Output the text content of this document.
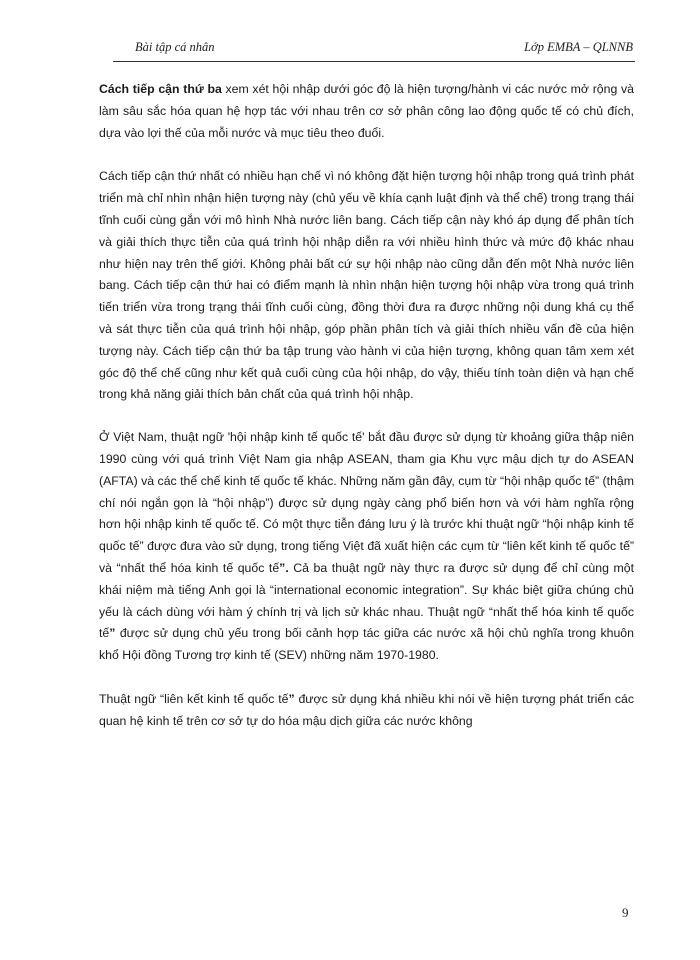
Bài tập cá nhân	Lớp EMBA – QLNNB

Cách tiếp cận thứ ba xem xét hội nhập dưới góc độ là hiện tượng/hành vi các nước mở rộng và làm sâu sắc hóa quan hệ hợp tác với nhau trên cơ sở phân công lao động quốc tế có chủ đích, dựa vào lợi thế của mỗi nước và mục tiêu theo đuổi.

Cách tiếp cận thứ nhất có nhiều hạn chế vì nó không đặt hiện tượng hội nhập trong quá trình phát triển mà chỉ nhìn nhận hiện tượng này (chủ yếu về khía cạnh luật định và thể chế) trong trạng thái tĩnh cuối cùng gắn với mô hình Nhà nước liên bang. Cách tiếp cận này khó áp dụng để phân tích và giải thích thực tiễn của quá trình hội nhập diễn ra với nhiều hình thức và mức độ khác nhau như hiện nay trên thế giới. Không phải bất cứ sự hội nhập nào cũng dẫn đến một Nhà nước liên bang. Cách tiếp cận thứ hai có điểm mạnh là nhìn nhận hiện tượng hội nhập vừa trong quá trình tiến triển vừa trong trạng thái tĩnh cuối cùng, đồng thời đưa ra được những nội dung khá cụ thể và sát thực tiễn của quá trình hội nhập, góp phần phân tích và giải thích nhiều vấn đề của hiện tượng này. Cách tiếp cận thứ ba tập trung vào hành vi của hiện tượng, không quan tâm xem xét góc độ thể chế cũng như kết quả cuối cùng của hội nhập, do vậy, thiếu tính toàn diện và hạn chế trong khả năng giải thích bản chất của quá trình hội nhập.

Ở Việt Nam, thuật ngữ 'hội nhập kinh tế quốc tế' bắt đầu được sử dụng từ khoảng giữa thập niên 1990 cùng với quá trình Việt Nam gia nhập ASEAN, tham gia Khu vực mậu dịch tự do ASEAN (AFTA) và các thể chế kinh tế quốc tế khác. Những năm gần đây, cụm từ “hội nhập quốc tế” (thậm chí nói ngắn gọn là “hội nhập”) được sử dụng ngày càng phổ biến hơn và với hàm nghĩa rộng hơn hội nhập kinh tế quốc tế. Có một thực tiễn đáng lưu ý là trước khi thuật ngữ “hội nhập kinh tế quốc tế” được đưa vào sử dụng, trong tiếng Việt đã xuất hiện các cụm từ “liên kết kinh tế quốc tế” và “nhất thể hóa kinh tế quốc tế”. Cả ba thuật ngữ này thực ra được sử dụng để chỉ cùng một khái niệm mà tiếng Anh gọi là “international economic integration”. Sự khác biệt giữa chúng chủ yếu là cách dùng với hàm ý chính trị và lịch sử khác nhau. Thuật ngữ “nhất thể hóa kinh tế quốc tế” được sử dụng chủ yếu trong bối cảnh hợp tác giữa các nước xã hội chủ nghĩa trong khuôn khổ Hội đồng Tương trợ kinh tế (SEV) những năm 1970-1980.

Thuật ngữ “liên kết kinh tế quốc tế” được sử dụng khá nhiều khi nói về hiện tượng phát triển các quan hệ kinh tế trên cơ sở tự do hóa mậu dịch giữa các nước không

9
